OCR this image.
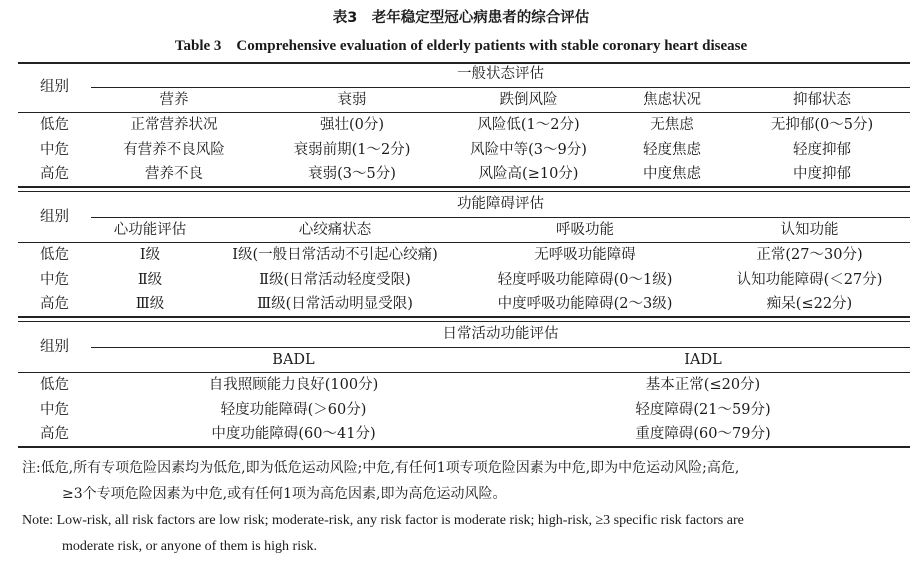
表3　老年稳定型冠心病患者的综合评估
Table 3　Comprehensive evaluation of elderly patients with stable coronary heart disease
组别	一般状态评估				
	营养	衰弱	跌倒风险	焦虑状况	抑郁状态
低危	正常营养状况	强壮(0分)	风险低(1～2分)	无焦虑	无抑郁(0～5分)
中危	有营养不良风险	衰弱前期(1～2分)	风险中等(3～9分)	轻度焦虑	轻度抑郁
高危	营养不良	衰弱(3～5分)	风险高(≥10分)	中度焦虑	中度抑郁
组别	功能障碍评估			
	心功能评估	心绞痛状态	呼吸功能	认知功能
低危	Ⅰ级	Ⅰ级(一般日常活动不引起心绞痛)	无呼吸功能障碍	正常(27～30分)
中危	Ⅱ级	Ⅱ级(日常活动轻度受限)	轻度呼吸功能障碍(0～1级)	认知功能障碍(＜27分)
高危	Ⅲ级	Ⅲ级(日常活动明显受限)	中度呼吸功能障碍(2～3级)	痴呆(≤22分)
组别	日常活动功能评估	
	BADL	IADL
低危	自我照顾能力良好(100分)	基本正常(≤20分)
中危	轻度功能障碍(＞60分)	轻度障碍(21～59分)
高危	中度功能障碍(60～41分)	重度障碍(60～79分)
注:低危,所有专项危险因素均为低危,即为低危运动风险;中危,有任何1项专项危险因素为中危,即为中危运动风险;高危,
≥3个专项危险因素为中危,或有任何1项为高危因素,即为高危运动风险。
Note: Low-risk, all risk factors are low risk; moderate-risk, any risk factor is moderate risk; high-risk, ≥3 specific risk factors are
moderate risk, or anyone of them is high risk.
